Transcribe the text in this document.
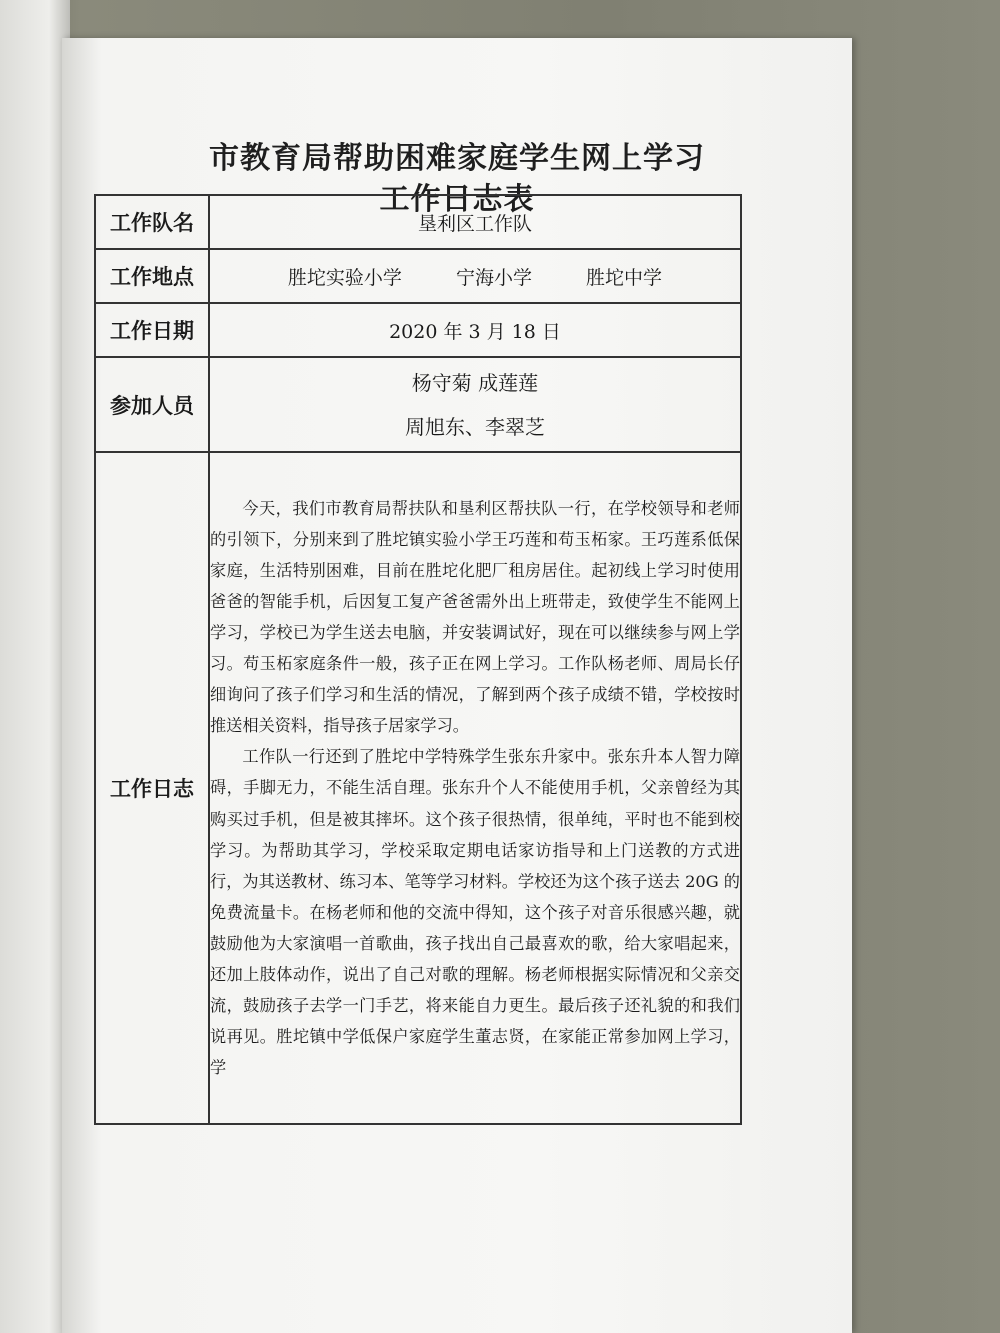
市教育局帮助困难家庭学生网上学习
工作日志表
工作队名	垦利区工作队
工作地点	胜坨实验小学 宁海小学 胜坨中学
工作日期	2020 年 3 月 18 日
参加人员	杨守菊 成莲莲
周旭东、李翠芝

工作日志	今天，我们市教育局帮扶队和垦利区帮扶队一行，在学校领导和老师的引领下，分别来到了胜坨镇实验小学王巧莲和苟玉柘家。王巧莲系低保家庭，生活特别困难，目前在胜坨化肥厂租房居住。起初线上学习时使用爸爸的智能手机，后因复工复产爸爸需外出上班带走，致使学生不能网上学习，学校已为学生送去电脑，并安装调试好，现在可以继续参与网上学习。苟玉柘家庭条件一般，孩子正在网上学习。工作队杨老师、周局长仔细询问了孩子们学习和生活的情况，了解到两个孩子成绩不错，学校按时推送相关资料，指导孩子居家学习。

工作队一行还到了胜坨中学特殊学生张东升家中。张东升本人智力障碍，手脚无力，不能生活自理。张东升个人不能使用手机，父亲曾经为其购买过手机，但是被其摔坏。这个孩子很热情，很单纯，平时也不能到校学习。为帮助其学习，学校采取定期电话家访指导和上门送教的方式进行，为其送教材、练习本、笔等学习材料。学校还为这个孩子送去 20G 的免费流量卡。在杨老师和他的交流中得知，这个孩子对音乐很感兴趣，就鼓励他为大家演唱一首歌曲，孩子找出自己最喜欢的歌，给大家唱起来，还加上肢体动作，说出了自己对歌的理解。杨老师根据实际情况和父亲交流，鼓励孩子去学一门手艺，将来能自力更生。最后孩子还礼貌的和我们说再见。胜坨镇中学低保户家庭学生董志贤，在家能正常参加网上学习，学
